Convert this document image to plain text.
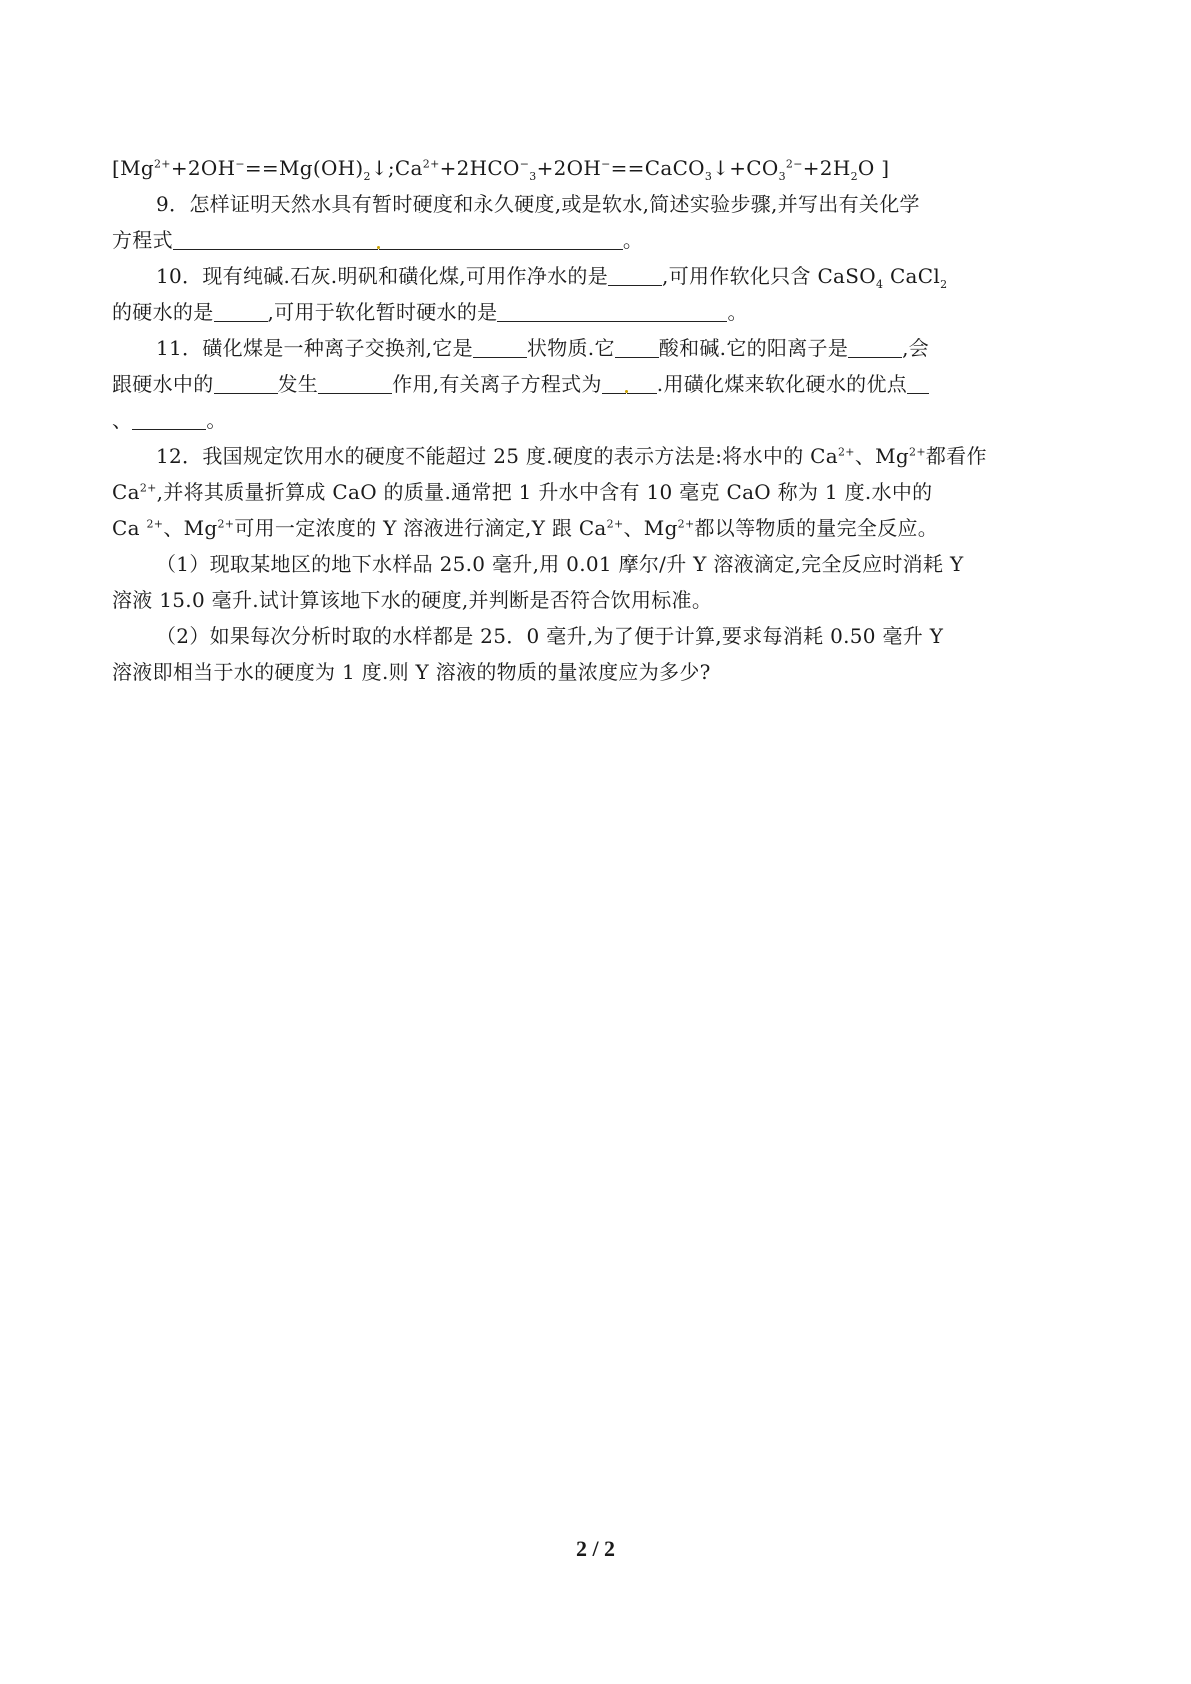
[$Mg^{2+}+2OH^-==Mg(OH)_2↓;Ca^{2+}+2HCO^-_3+2OH^-==CaCO_3↓+CO_3^{2-}+2H_2O$ ]
9．怎样证明天然水具有暂时硬度和永久硬度,或是软水,简述实验步骤,并写出有关化学
方程式	。
10．现有纯碱.石灰.明矾和磺化煤,可用作净水的是	,可用作软化只含 CaSO$_4$ CaCl$_2$
的硬水的是	,可用于软化暂时硬水的是	。
11．磺化煤是一种离子交换剂,它是	状物质.它 酸和碱.它的阳离子是	,会
跟硬水中的	发生	作用,有关离子方程式为	.用磺化煤来软化硬水的优点
、	。
12．我国规定饮用水的硬度不能超过 25 度.硬度的表示方法是:将水中的 $Ca^{2+}$、$Mg^{2+}$都看作
$Ca^{2+}$,并将其质量折算成 CaO 的质量.通常把 1 升水中含有 10 毫克 CaO 称为 1 度.水中的
Ca $^{2+}$、$Mg^{2+}$可用一定浓度的 Y 溶液进行滴定,Y 跟 $Ca^{2+}$、$Mg^{2+}$都以等物质的量完全反应。
（1）现取某地区的地下水样品 25.0 毫升,用 0.01 摩尔/升 Y 溶液滴定,完全反应时消耗 Y
溶液 15.0 毫升.试计算该地下水的硬度,并判断是否符合饮用标准。
（2）如果每次分析时取的水样都是 25．0 毫升,为了便于计算,要求每消耗 0.50 毫升 Y
溶液即相当于水的硬度为 1 度.则 Y 溶液的物质的量浓度应为多少?
2 / 2
